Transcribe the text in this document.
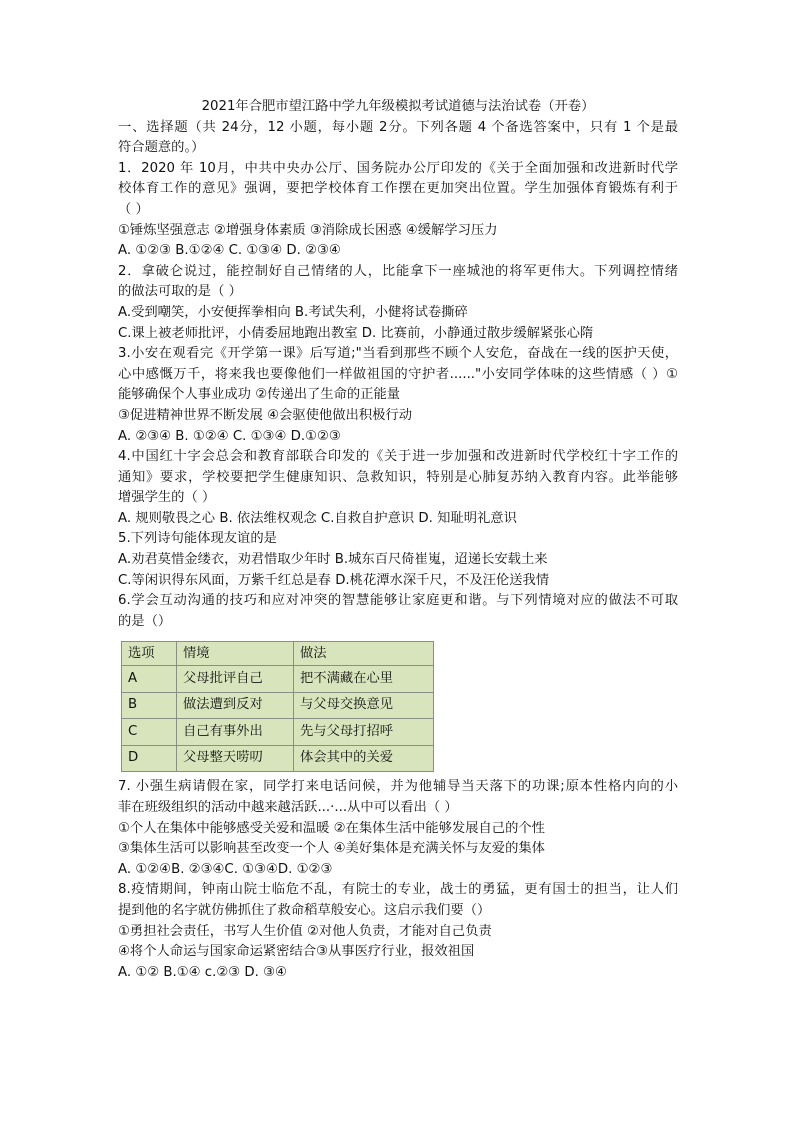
2021年合肥市望江路中学九年级模拟考试道德与法治试卷（开卷）
一、选择题（共 24分，12 小题，每小题 2分。下列各题 4 个备选答案中，只有 1 个是最
符合题意的。）
1．2020 年 10月，中共中央办公厅、国务院办公厅印发的《关于全面加强和改进新时代学
校体育工作的意见》强调，要把学校体育工作摆在更加突出位置。学生加强体育锻炼有利于
（ ）
①锤炼坚强意志 ②增强身体素质 ③消除成长困惑 ④缓解学习压力
A. ①②③ B.①②④ C. ①③④ D. ②③④
2．拿破仑说过，能控制好自己情绪的人，比能拿下一座城池的将军更伟大。下列调控情绪
的做法可取的是（ ）
A.受到嘲笑，小安便挥拳相向 B.考试失利，小健将试卷撕碎
C.课上被老师批评，小倩委屈地跑出教室 D. 比赛前，小静通过散步缓解紧张心隋
3.小安在观看完《开学第一课》后写道;"当看到那些不顾个人安危，奋战在一线的医护天使，
心中感慨万千，将来我也要像他们一样做祖国的守护者......"小安同学体味的这些情感（ ）①
能够确保个人事业成功 ②传递出了生命的正能量
③促进精神世界不断发展 ④会驱使他做出积极行动
A. ②③④ B. ①②④ C. ①③④ D.①②③
4.中国红十字会总会和教育部联合印发的《关于进一步加强和改进新时代学校红十字工作的
通知》要求，学校要把学生健康知识、急救知识，特别是心肺复苏纳入教育内容。此举能够
增强学生的（ ）
A. 规则敬畏之心 B. 依法维权观念 C.自救自护意识 D. 知耻明礼意识
5.下列诗句能体现友谊的是
A.劝君莫惜金缕衣，劝君惜取少年时 B.城东百尺倚崔嵬，迢递长安载土来
C.等闲识得东风面，万紫千红总是春 D.桃花潭水深千尺，不及汪伦送我情
6.学会互动沟通的技巧和应对冲突的智慧能够让家庭更和谐。与下列情境对应的做法不可取
的是（）
选项	情境	做法
A	父母批评自己	把不满藏在心里
B	做法遭到反对	与父母交换意见
C	自己有事外出	先与父母打招呼
D	父母整天唠叨	体会其中的关爱
7. 小强生病请假在家，同学打来电话问候，并为他辅导当天落下的功课;原本性格内向的小
菲在班级组织的活动中越来越活跃...·...从中可以看出（ ）
①个人在集体中能够感受关爱和温暖 ②在集体生活中能够发展自己的个性
③集体生活可以影响甚至改变一个人 ④美好集体是充满关怀与友爱的集体
A. ①②④B. ②③④C. ①③④D. ①②③
8.疫情期间，钟南山院士临危不乱，有院士的专业，战士的勇猛，更有国士的担当，让人们
提到他的名字就仿佛抓住了救命稻草般安心。这启示我们要（）
①勇担社会责任，书写人生价值 ②对他人负责，才能对自己负责
④将个人命运与国家命运紧密结合③从事医疗行业，报效祖国
A. ①② B.①④ c.②③ D. ③④
